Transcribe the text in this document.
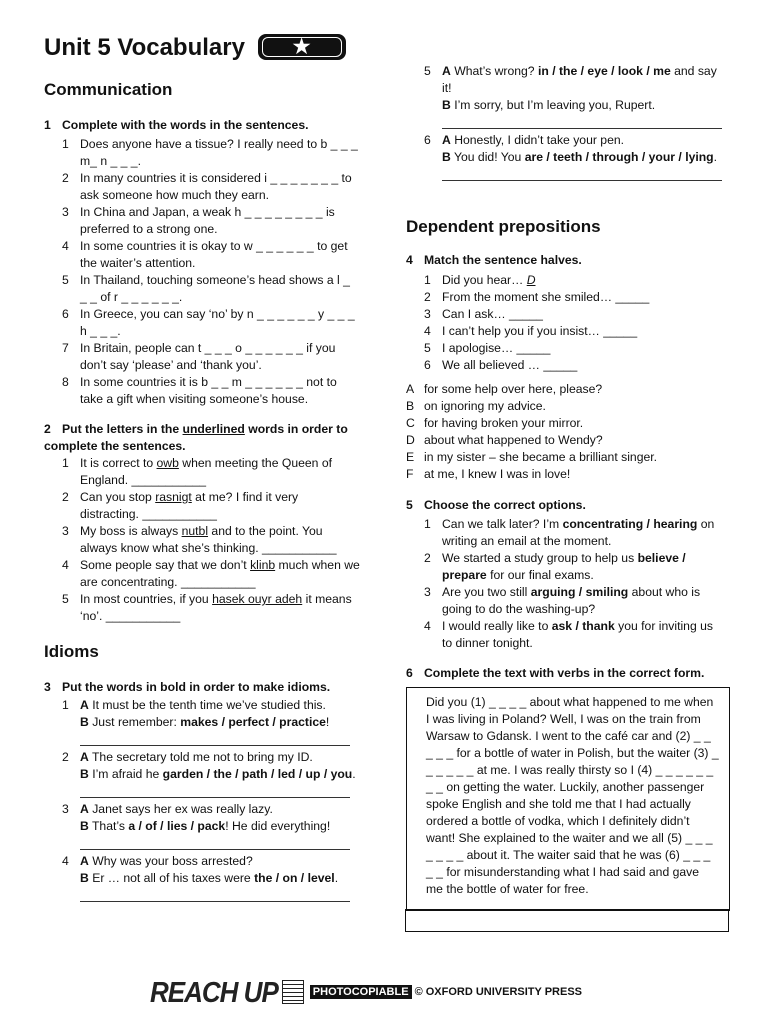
Unit 5 Vocabulary	★
Communication
1 Complete with the words in the sentences.
1 Does anyone have a tissue? I really need to b _ _ _ m_ n _ _ _.
2 In many countries it is considered i _ _ _ _ _ _ _ to ask someone how much they earn.
3 In China and Japan, a weak h _ _ _ _ _ _ _ _ is preferred to a strong one.
4 In some countries it is okay to w _ _ _ _ _ _ to get the waiter’s attention.
5 In Thailand, touching someone’s head shows a l _ _ _ of r _ _ _ _ _ _.
6 In Greece, you can say ‘no’ by n _ _ _ _ _ _ y _ _ _ h _ _ _.
7 In Britain, people can t _ _ _ o _ _ _ _ _ _ if you don’t say ‘please’ and ‘thank you’.
8 In some countries it is b _ _ m _ _ _ _ _ _ not to take a gift when visiting someone’s house.
2 Put the letters in the underlined words in order to complete the sentences.
1 It is correct to owb when meeting the Queen of England. ___________
2 Can you stop rasnigt at me? I find it very distracting. ___________
3 My boss is always nutbl and to the point. You always know what she’s thinking. ___________
4 Some people say that we don’t klinb much when we are concentrating. ___________
5 In most countries, if you hasek ouyr adeh it means ‘no’. ___________
Idioms
3 Put the words in bold in order to make idioms.
1 A It must be the tenth time we’ve studied this.
B Just remember: makes / perfect / practice!
2 A The secretary told me not to bring my ID.
B I’m afraid he garden / the / path / led / up / you.
3 A Janet says her ex was really lazy.
B That’s a / of / lies / pack! He did everything!
4 A Why was your boss arrested?
B Er … not all of his taxes were the / on / level.
5 A What’s wrong? in / the / eye / look / me and say it!
B I’m sorry, but I’m leaving you, Rupert.
6 A Honestly, I didn’t take your pen.
B You did! You are / teeth / through / your / lying.
Dependent prepositions
4 Match the sentence halves.
1 Did you hear… D
2 From the moment she smiled… _____
3 Can I ask… _____
4 I can’t help you if you insist… _____
5 I apologise… _____
6 We all believed … _____
A for some help over here, please?
B on ignoring my advice.
C for having broken your mirror.
D about what happened to Wendy?
E in my sister – she became a brilliant singer.
F at me, I knew I was in love!
5 Choose the correct options.
1 Can we talk later? I’m concentrating / hearing on writing an email at the moment.
2 We started a study group to help us believe / prepare for our final exams.
3 Are you two still arguing / smiling about who is going to do the washing-up?
4 I would really like to ask / thank you for inviting us to dinner tonight.
6 Complete the text with verbs in the correct form.
Did you (1) _ _ _ _ about what happened to me when I was living in Poland? Well, I was on the train from Warsaw to Gdansk. I went to the café car and (2) _ _ _ _ _ for a bottle of water in Polish, but the waiter (3) _ _ _ _ _ _ at me. I was really thirsty so I (4) _ _ _ _ _ _ _ _ on getting the water. Luckily, another passenger spoke English and she told me that I had actually ordered a bottle of vodka, which I definitely didn’t want! She explained to the waiter and we all (5) _ _ _ _ _ _ _ about it. The waiter said that he was (6) _ _ _ _ _ for misunderstanding what I had said and gave me the bottle of water for free.
REACH UP	PHOTOCOPIABLE © OXFORD UNIVERSITY PRESS
